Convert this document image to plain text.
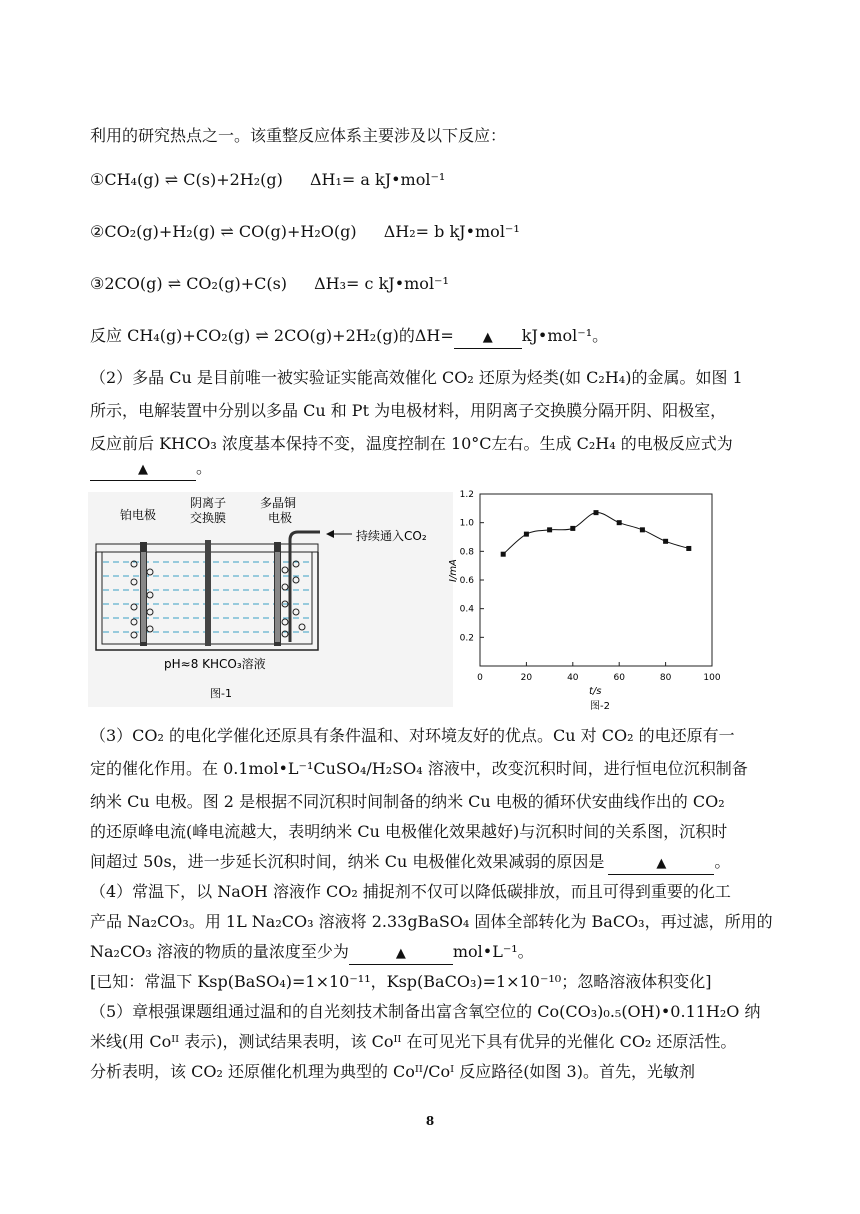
利用的研究热点之一。该重整反应体系主要涉及以下反应：
①CH₄(g) ⇌ C(s)+2H₂(g) ΔH₁= a kJ•mol⁻¹
②CO₂(g)+H₂(g) ⇌ CO(g)+H₂O(g) ΔH₂= b kJ•mol⁻¹
③2CO(g) ⇌ CO₂(g)+C(s) ΔH₃= c kJ•mol⁻¹
反应 CH₄(g)+CO₂(g) ⇌ 2CO(g)+2H₂(g)的ΔH= ▲ kJ•mol⁻¹。
（2）多晶 Cu 是目前唯一被实验证实能高效催化 CO₂ 还原为烃类(如 C₂H₄)的金属。如图 1
所示，电解装置中分别以多晶 Cu 和 Pt 为电极材料，用阴离子交换膜分隔开阴、阳极室，
反应前后 KHCO₃ 浓度基本保持不变，温度控制在 10°C左右。生成 C₂H₄ 的电极反应式为
▲	。
铂电极
阴离子
交换膜
多晶铜
电极
持续通入CO₂
pH≈8 KHCO₃溶液
图-1
0.2
0.4
0.6
0.8
1.0
1.2
0	20	40	60	80	100
I/mA
t/s
图-2
（3）CO₂ 的电化学催化还原具有条件温和、对环境友好的优点。Cu 对 CO₂ 的电还原有一
定的催化作用。在 0.1mol•L⁻¹CuSO₄/H₂SO₄ 溶液中，改变沉积时间，进行恒电位沉积制备
纳米 Cu 电极。图 2 是根据不同沉积时间制备的纳米 Cu 电极的循环伏安曲线作出的 CO₂
的还原峰电流(峰电流越大，表明纳米 Cu 电极催化效果越好)与沉积时间的关系图，沉积时
间超过 50s，进一步延长沉积时间，纳米 Cu 电极催化效果减弱的原因是	▲	。
（4）常温下，以 NaOH 溶液作 CO₂ 捕捉剂不仅可以降低碳排放，而且可得到重要的化工
产品 Na₂CO₃。用 1L Na₂CO₃ 溶液将 2.33gBaSO₄ 固体全部转化为 BaCO₃，再过滤，所用的
Na₂CO₃ 溶液的物质的量浓度至少为	▲	mol•L⁻¹。
[已知：常温下 Ksp(BaSO₄)=1×10⁻¹¹，Ksp(BaCO₃)=1×10⁻¹⁰；忽略溶液体积变化]
（5）章根强课题组通过温和的自光刻技术制备出富含氧空位的 Co(CO₃)₀.₅(OH)•0.11H₂O 纳
米线(用 Coᴵᴵ 表示)，测试结果表明，该 Coᴵᴵ 在可见光下具有优异的光催化 CO₂ 还原活性。
分析表明，该 CO₂ 还原催化机理为典型的 Coᴵᴵ/Coᴵ 反应路径(如图 3)。首先，光敏剂
8
